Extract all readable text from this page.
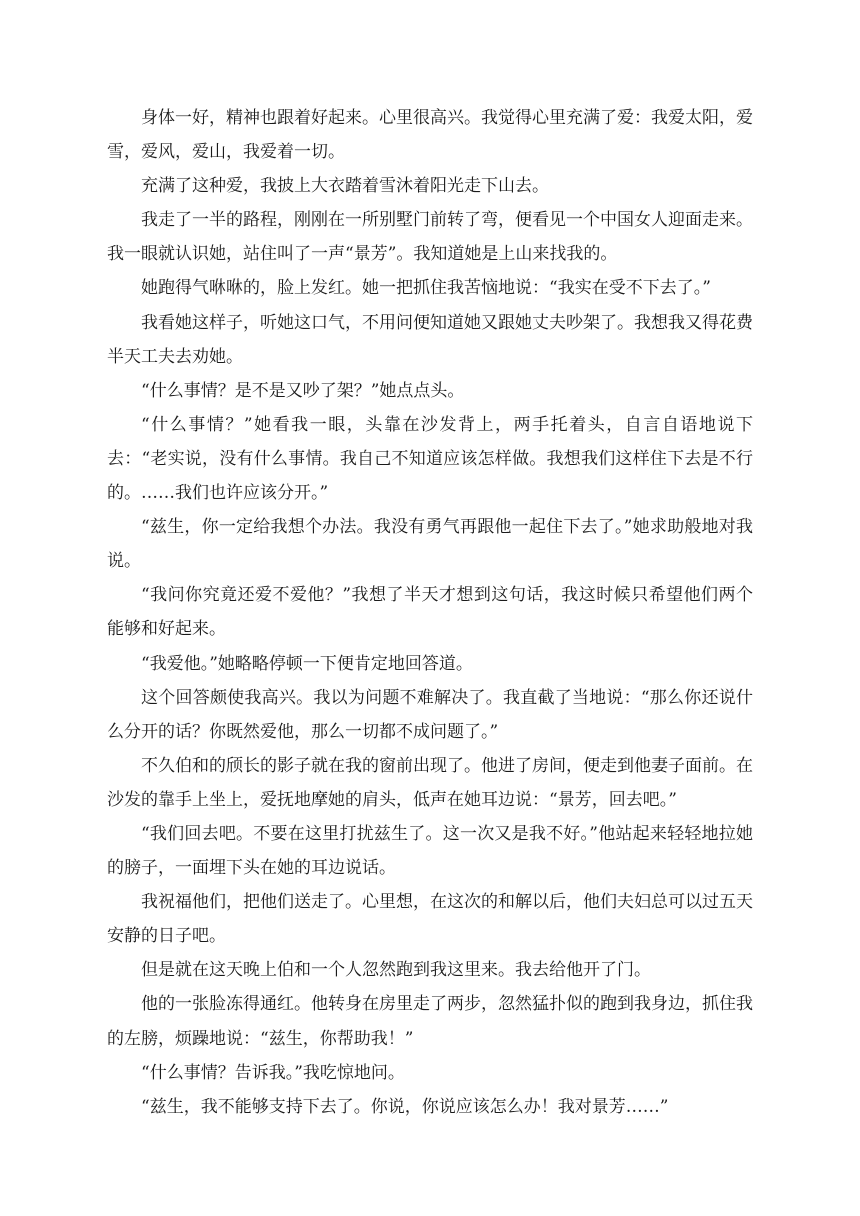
身体一好，精神也跟着好起来。心里很高兴。我觉得心里充满了爱：我爱太阳，爱雪，爱风，爱山，我爱着一切。

充满了这种爱，我披上大衣踏着雪沐着阳光走下山去。

我走了一半的路程，刚刚在一所别墅门前转了弯，便看见一个中国女人迎面走来。我一眼就认识她，站住叫了一声“景芳”。我知道她是上山来找我的。

她跑得气咻咻的，脸上发红。她一把抓住我苦恼地说：“我实在受不下去了。”

我看她这样子，听她这口气，不用问便知道她又跟她丈夫吵架了。我想我又得花费半天工夫去劝她。

“什么事情？是不是又吵了架？”她点点头。

“什么事情？”她看我一眼，头靠在沙发背上，两手托着头，自言自语地说下去：“老实说，没有什么事情。我自己不知道应该怎样做。我想我们这样住下去是不行的。……我们也许应该分开。”

“兹生，你一定给我想个办法。我没有勇气再跟他一起住下去了。”她求助般地对我说。

“我问你究竟还爱不爱他？”我想了半天才想到这句话，我这时候只希望他们两个能够和好起来。

“我爱他。”她略略停顿一下便肯定地回答道。

这个回答颇使我高兴。我以为问题不难解决了。我直截了当地说：“那么你还说什么分开的话？你既然爱他，那么一切都不成问题了。”

不久伯和的颀长的影子就在我的窗前出现了。他进了房间，便走到他妻子面前。在沙发的靠手上坐上，爱抚地摩她的肩头，低声在她耳边说：“景芳，回去吧。”

“我们回去吧。不要在这里打扰兹生了。这一次又是我不好。”他站起来轻轻地拉她的膀子，一面埋下头在她的耳边说话。

我祝福他们，把他们送走了。心里想，在这次的和解以后，他们夫妇总可以过五天安静的日子吧。

但是就在这天晚上伯和一个人忽然跑到我这里来。我去给他开了门。

他的一张脸冻得通红。他转身在房里走了两步，忽然猛扑似的跑到我身边，抓住我的左膀，烦躁地说：“兹生，你帮助我！”

“什么事情？告诉我。”我吃惊地问。

“兹生，我不能够支持下去了。你说，你说应该怎么办！我对景芳……”
